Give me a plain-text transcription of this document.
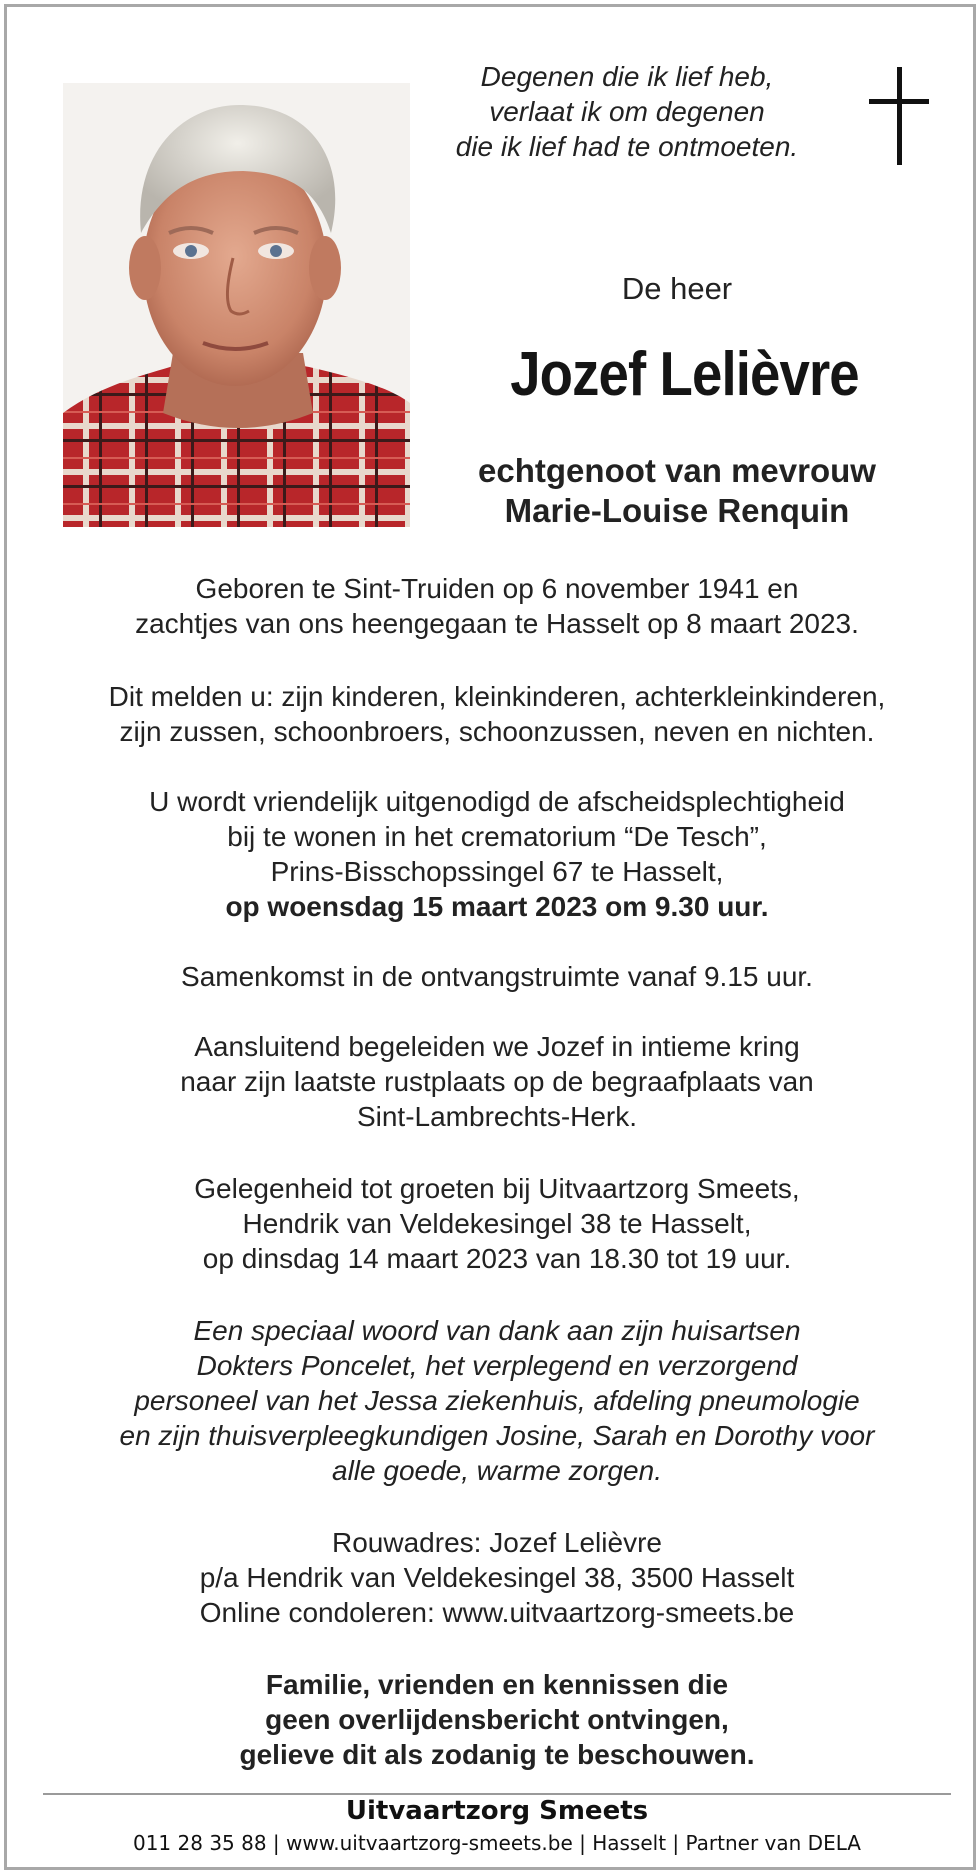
Degenen die ik lief heb,
verlaat ik om degenen
die ik lief had te ontmoeten.
De heer
Jozef Lelièvre
echtgenoot van mevrouw
Marie-Louise Renquin
Geboren te Sint-Truiden op 6 november 1941 en
zachtjes van ons heengegaan te Hasselt op 8 maart 2023.
Dit melden u: zijn kinderen, kleinkinderen, achterkleinkinderen,
zijn zussen, schoonbroers, schoonzussen, neven en nichten.
U wordt vriendelijk uitgenodigd de afscheidsplechtigheid
bij te wonen in het crematorium “De Tesch”,
Prins-Bisschopssingel 67 te Hasselt,
op woensdag 15 maart 2023 om 9.30 uur.
Samenkomst in de ontvangstruimte vanaf 9.15 uur.
Aansluitend begeleiden we Jozef in intieme kring
naar zijn laatste rustplaats op de begraafplaats van
Sint-Lambrechts-Herk.
Gelegenheid tot groeten bij Uitvaartzorg Smeets,
Hendrik van Veldekesingel 38 te Hasselt,
op dinsdag 14 maart 2023 van 18.30 tot 19 uur.
Een speciaal woord van dank aan zijn huisartsen
Dokters Poncelet, het verplegend en verzorgend
personeel van het Jessa ziekenhuis, afdeling pneumologie
en zijn thuisverpleegkundigen Josine, Sarah en Dorothy voor
alle goede, warme zorgen.
Rouwadres: Jozef Lelièvre
p/a Hendrik van Veldekesingel 38, 3500 Hasselt
Online condoleren: www.uitvaartzorg-smeets.be
Familie, vrienden en kennissen die
geen overlijdensbericht ontvingen,
gelieve dit als zodanig te beschouwen.
Uitvaartzorg Smeets
011 28 35 88 | www.uitvaartzorg-smeets.be | Hasselt | Partner van DELA
